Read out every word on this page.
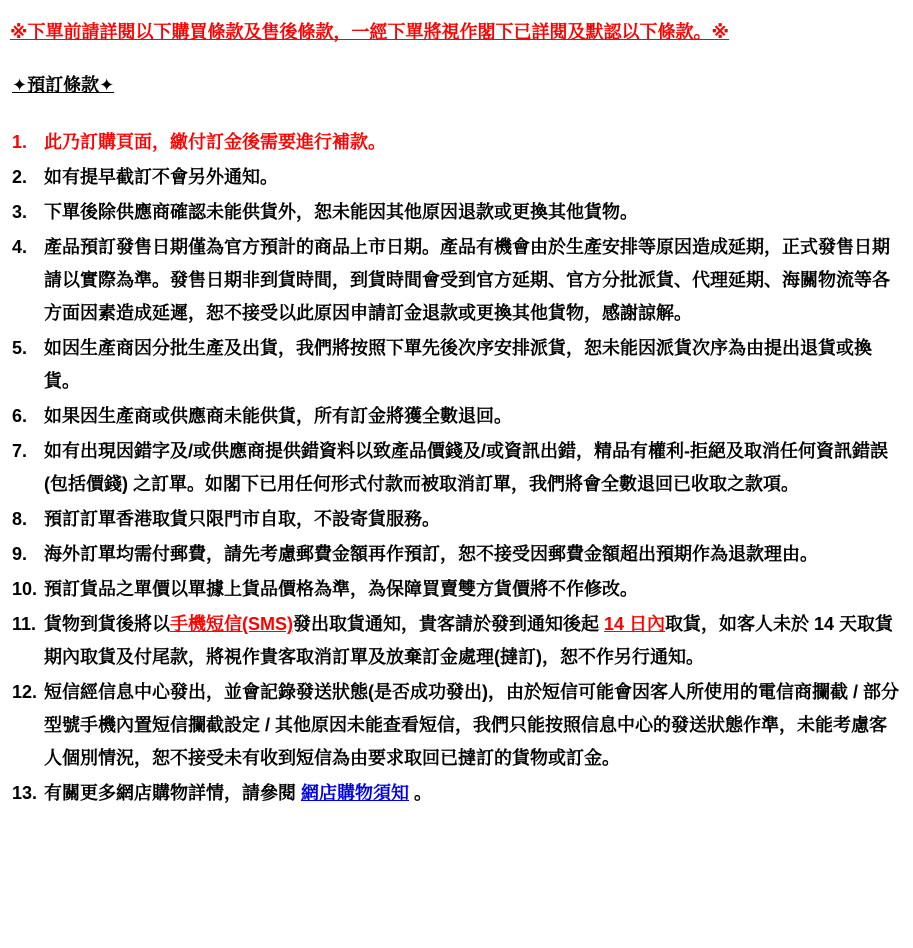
※下單前請詳閱以下購買條款及售後條款，一經下單將視作閣下已詳閱及默認以下條款。※
✦預訂條款✦
1. 此乃訂購頁面，繳付訂金後需要進行補款。
2. 如有提早截訂不會另外通知。
3. 下單後除供應商確認未能供貨外，恕未能因其他原因退款或更換其他貨物。
4. 產品預訂發售日期僅為官方預計的商品上市日期。產品有機會由於生產安排等原因造成延期，正式發售日期請以實際為準。發售日期非到貨時間，到貨時間會受到官方延期、官方分批派貨、代理延期、海關物流等各方面因素造成延遲，恕不接受以此原因申請訂金退款或更換其他貨物，感謝諒解。
5. 如因生產商因分批生產及出貨，我們將按照下單先後次序安排派貨，恕未能因派貨次序為由提出退貨或換貨。
6. 如果因生產商或供應商未能供貨，所有訂金將獲全數退回。
7. 如有出現因錯字及/或供應商提供錯資料以致產品價錢及/或資訊出錯，精品有權利-拒絕及取消任何資訊錯誤(包括價錢) 之訂單。如閣下已用任何形式付款而被取消訂單，我們將會全數退回已收取之款項。
8. 預訂訂單香港取貨只限門市自取，不設寄貨服務。
9. 海外訂單均需付郵費，請先考慮郵費金額再作預訂，恕不接受因郵費金額超出預期作為退款理由。
10. 預訂貨品之單價以單據上貨品價格為準，為保障買賣雙方貨價將不作修改。
11. 貨物到貨後將以手機短信(SMS)發出取貨通知，貴客請於發到通知後起 14 日內取貨，如客人未於 14 天取貨期內取貨及付尾款，將視作貴客取消訂單及放棄訂金處理(撻訂)，恕不作另行通知。
12. 短信經信息中心發出，並會記錄發送狀態(是否成功發出)，由於短信可能會因客人所使用的電信商攔截 / 部分型號手機內置短信攔截設定 / 其他原因未能查看短信，我們只能按照信息中心的發送狀態作準，未能考慮客人個別情況，恕不接受未有收到短信為由要求取回已撻訂的貨物或訂金。
13. 有關更多網店購物詳情，請參閱 網店購物須知 。
